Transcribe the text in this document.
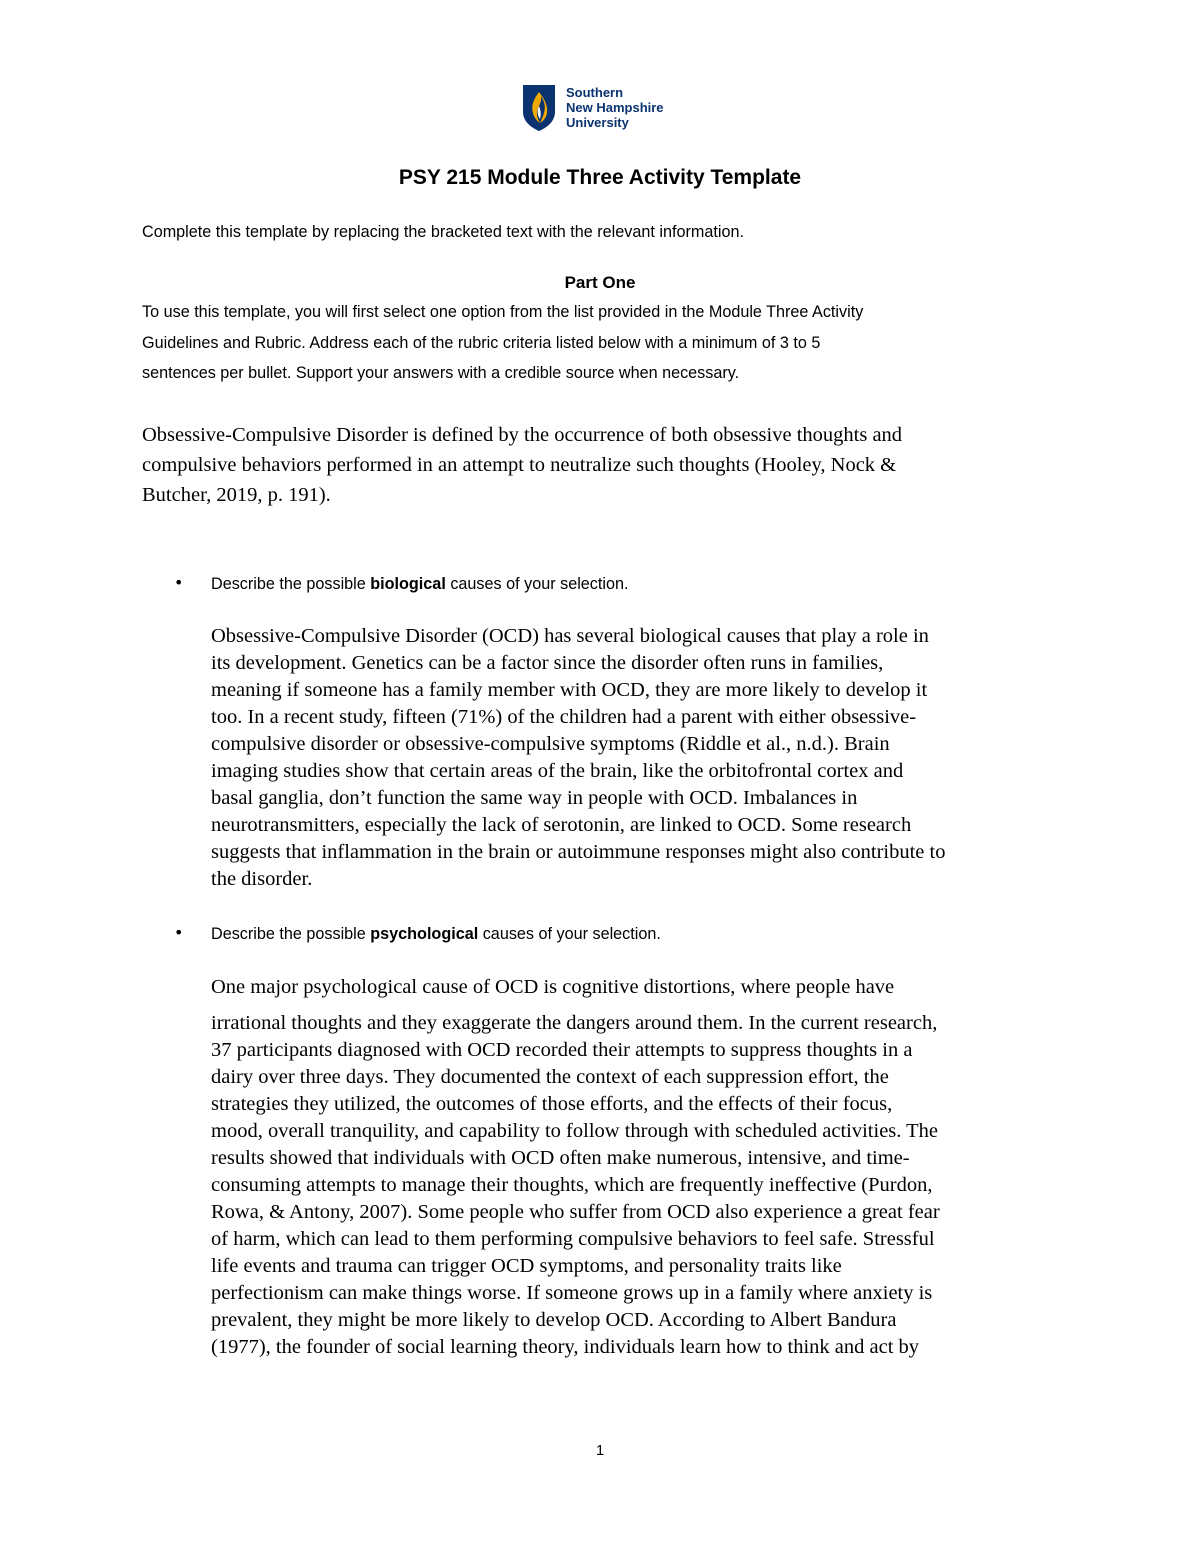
Southern
New Hampshire
University
PSY 215 Module Three Activity Template
Complete this template by replacing the bracketed text with the relevant information.
Part One
To use this template, you will first select one option from the list provided in the Module Three Activity
Guidelines and Rubric. Address each of the rubric criteria listed below with a minimum of 3 to 5
sentences per bullet. Support your answers with a credible source when necessary.
Obsessive-Compulsive Disorder is defined by the occurrence of both obsessive thoughts and
compulsive behaviors performed in an attempt to neutralize such thoughts (Hooley, Nock &
Butcher, 2019, p. 191).
• Describe the possible biological causes of your selection.
Obsessive-Compulsive Disorder (OCD) has several biological causes that play a role in
its development. Genetics can be a factor since the disorder often runs in families,
meaning if someone has a family member with OCD, they are more likely to develop it
too. In a recent study, fifteen (71%) of the children had a parent with either obsessive-
compulsive disorder or obsessive-compulsive symptoms (Riddle et al., n.d.). Brain
imaging studies show that certain areas of the brain, like the orbitofrontal cortex and
basal ganglia, don’t function the same way in people with OCD. Imbalances in
neurotransmitters, especially the lack of serotonin, are linked to OCD. Some research
suggests that inflammation in the brain or autoimmune responses might also contribute to
the disorder.
• Describe the possible psychological causes of your selection.
One major psychological cause of OCD is cognitive distortions, where people have
irrational thoughts and they exaggerate the dangers around them. In the current research,
37 participants diagnosed with OCD recorded their attempts to suppress thoughts in a
dairy over three days. They documented the context of each suppression effort, the
strategies they utilized, the outcomes of those efforts, and the effects of their focus,
mood, overall tranquility, and capability to follow through with scheduled activities. The
results showed that individuals with OCD often make numerous, intensive, and time-
consuming attempts to manage their thoughts, which are frequently ineffective (Purdon,
Rowa, & Antony, 2007). Some people who suffer from OCD also experience a great fear
of harm, which can lead to them performing compulsive behaviors to feel safe. Stressful
life events and trauma can trigger OCD symptoms, and personality traits like
perfectionism can make things worse. If someone grows up in a family where anxiety is
prevalent, they might be more likely to develop OCD. According to Albert Bandura
(1977), the founder of social learning theory, individuals learn how to think and act by
1
